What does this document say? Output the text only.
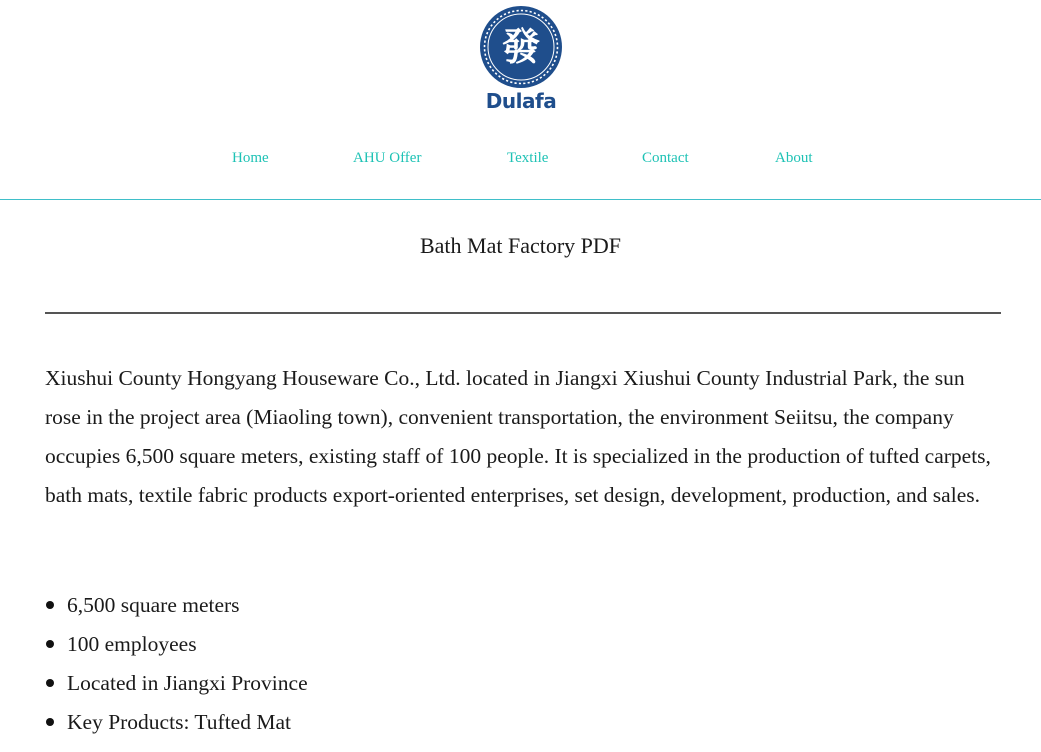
發
Dulafa
Home	AHU Offer	Textile	Contact	About
Bath Mat Factory PDF

Xiushui County Hongyang Houseware Co., Ltd. located in Jiangxi Xiushui County Industrial Park, the sun rose in the project area (Miaoling town), convenient transportation, the environment Seiitsu, the company occupies 6,500 square meters, existing staff of 100 people. It is specialized in the production of tufted carpets, bath mats, textile fabric products export-oriented enterprises, set design, development, production, and sales.

6,500 square meters
100 employees
Located in Jiangxi Province
Key Products: Tufted Mat
